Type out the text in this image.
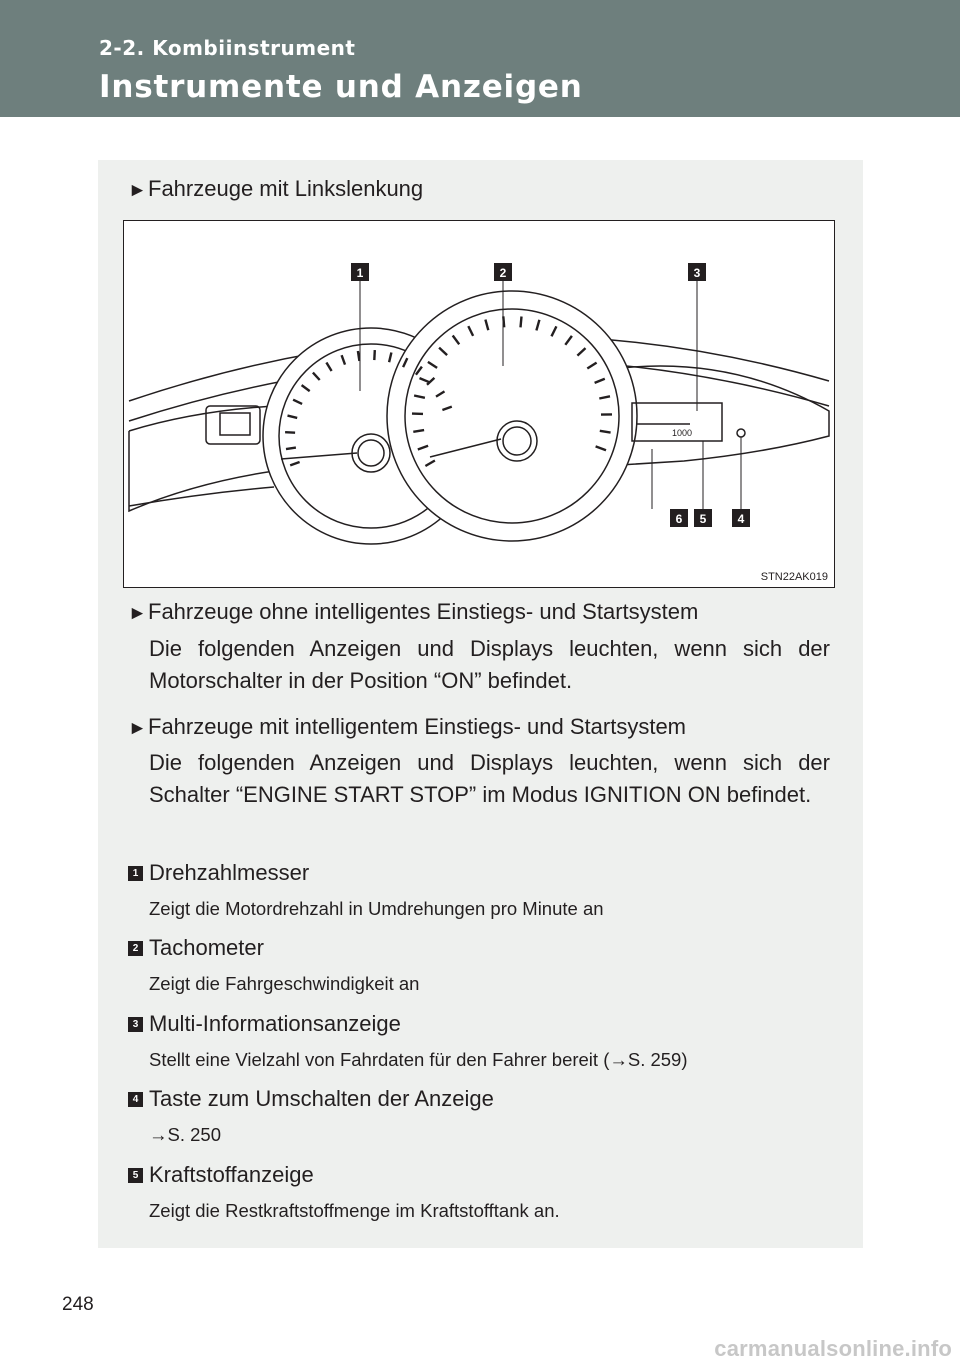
2-2. Kombiinstrument
Instrumente und Anzeigen
►Fahrzeuge mit Linkslenkung
1	2	3
6 5	4
1000
STN22AK019
►Fahrzeuge ohne intelligentes Einstiegs- und Startsystem
Die folgenden Anzeigen und Displays leuchten, wenn sich der Motorschalter in der Position “ON” befindet.
►Fahrzeuge mit intelligentem Einstiegs- und Startsystem
Die folgenden Anzeigen und Displays leuchten, wenn sich der Schalter “ENGINE START STOP” im Modus IGNITION ON befindet.
1 Drehzahlmesser
Zeigt die Motordrehzahl in Umdrehungen pro Minute an
2 Tachometer
Zeigt die Fahrgeschwindigkeit an
3 Multi-Informationsanzeige
Stellt eine Vielzahl von Fahrdaten für den Fahrer bereit (→S. 259)
4 Taste zum Umschalten der Anzeige
→S. 250
5 Kraftstoffanzeige
Zeigt die Restkraftstoffmenge im Kraftstofftank an.
248
carmanualsonline.info
